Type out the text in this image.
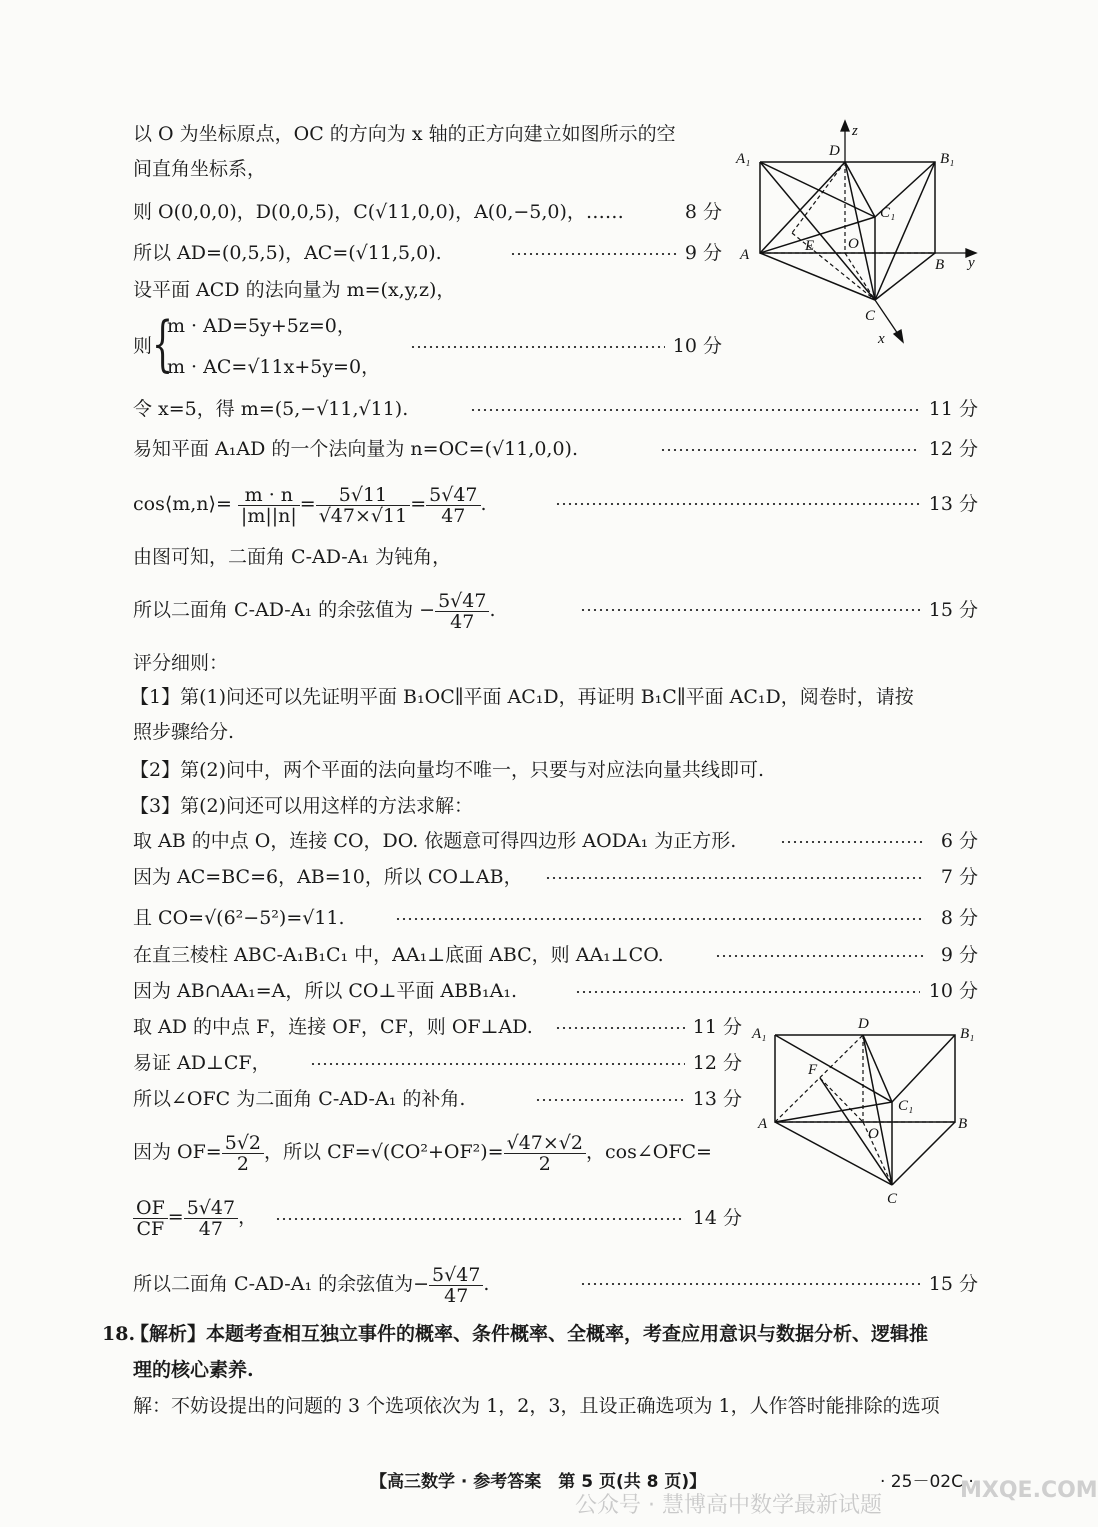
以 O 为坐标原点，OC 的方向为 x 轴的正方向建立如图所示的空
间直角坐标系，
则 O(0,0,0)，D(0,0,5)，C(√11,0,0)，A(0,−5,0)，……	8 分
所以 AD=(0,5,5)，AC=(√11,5,0).	9 分
设平面 ACD 的法向量为 m=(x,y,z)，
则 {
m · AD=5y+5z=0，
m · AC=√11x+5y=0，
10 分
令 x=5，得 m=(5,−√11,√11).	11 分
易知平面 A₁AD 的一个法向量为 n=OC=(√11,0,0).	12 分
cos⟨m,n⟩= $\frac{m \cdot n}{|m||n|} = \frac{5√11}{√47\times√11} = \frac{5√47}{47}$ .	13 分
由图可知，二面角 C-AD-A₁ 为钝角，
所以二面角 C-AD-A₁ 的余弦值为 − $\frac{5√47}{47}$ .	15 分
评分细则：
【1】第(1)问还可以先证明平面 B₁OC∥平面 AC₁D，再证明 B₁C∥平面 AC₁D，阅卷时，请按
照步骤给分.
【2】第(2)问中，两个平面的法向量均不唯一，只要与对应法向量共线即可.
【3】第(2)问还可以用这样的方法求解：
取 AB 的中点 O，连接 CO，DO. 依题意可得四边形 AODA₁ 为正方形.	6 分
因为 AC=BC=6，AB=10，所以 CO⊥AB，	7 分
且 CO=√(6²−5²)=√11.	8 分
在直三棱柱 ABC-A₁B₁C₁ 中，AA₁⊥底面 ABC，则 AA₁⊥CO.	9 分
因为 AB∩AA₁=A，所以 CO⊥平面 ABB₁A₁.	10 分
取 AD 的中点 F，连接 OF，CF，则 OF⊥AD.	11 分
易证 AD⊥CF，	12 分
所以∠OFC 为二面角 C-AD-A₁ 的补角.	13 分
因为 $OF= \frac{5√2}{2}$ ，所以 $CF=√(CO^2+OF^2)= \frac{√47\times√2}{2}$ ，cos∠OFC=
$\frac{OF}{CF} = \frac{5√47}{47}$ ，	14 分
所以二面角 C-AD-A₁ 的余弦值为− $\frac{5√47}{47}$ .	15 分
18.
【解析】本题考查相互独立事件的概率、条件概率、全概率，考查应用意识与数据分析、逻辑推
理的核心素养.
解：不妨设提出的问题的 3 个选项依次为 1，2，3，且设正确选项为 1，人作答时能排除的选项
【高三数学 · 参考答案　第 5 页(共 8 页)】	· 25－02C ·
公众号 · 慧博高中数学最新试题
MXQE.COM
z
D
A₁	B₁
C₁
A
E O
B y
C
x
A₁
D
B₁
F
C₁
A
O
B
C
